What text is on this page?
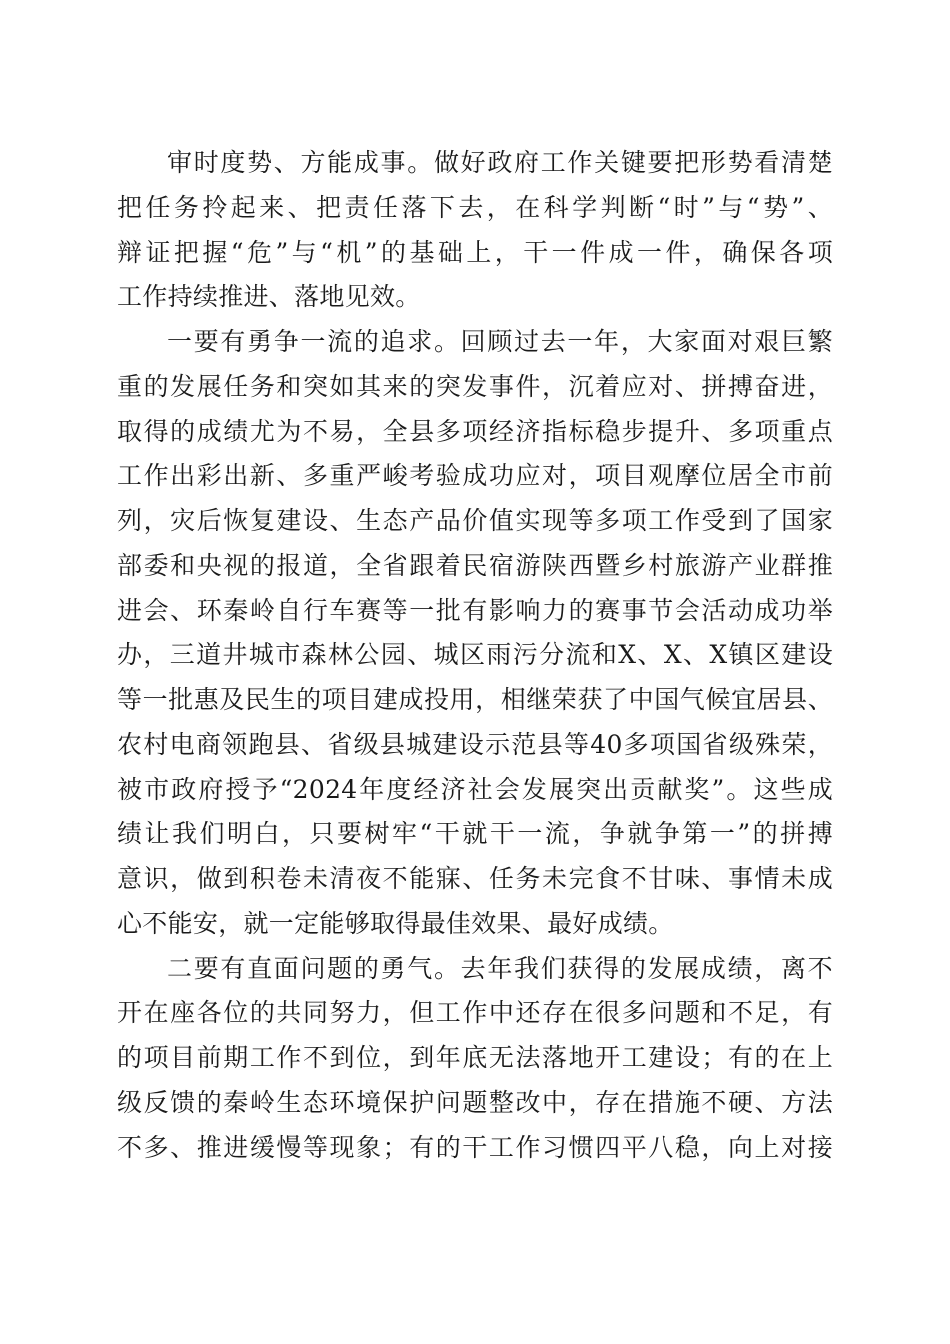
审时度势、方能成事。做好政府工作关键要把形势看清楚
把任务拎起来、把责任落下去，在科学判断“时”与“势”、
辩证把握“危”与“机”的基础上，干一件成一件，确保各项
工作持续推进、落地见效。
一要有勇争一流的追求。回顾过去一年，大家面对艰巨繁
重的发展任务和突如其来的突发事件，沉着应对、拼搏奋进，
取得的成绩尤为不易，全县多项经济指标稳步提升、多项重点
工作出彩出新、多重严峻考验成功应对，项目观摩位居全市前
列，灾后恢复建设、生态产品价值实现等多项工作受到了国家
部委和央视的报道，全省跟着民宿游陕西暨乡村旅游产业群推
进会、环秦岭自行车赛等一批有影响力的赛事节会活动成功举
办，三道井城市森林公园、城区雨污分流和X、X、X镇区建设
等一批惠及民生的项目建成投用，相继荣获了中国气候宜居县、
农村电商领跑县、省级县城建设示范县等40多项国省级殊荣，
被市政府授予“2024年度经济社会发展突出贡献奖”。这些成
绩让我们明白，只要树牢“干就干一流，争就争第一”的拼搏
意识，做到积卷未清夜不能寐、任务未完食不甘味、事情未成
心不能安，就一定能够取得最佳效果、最好成绩。
二要有直面问题的勇气。去年我们获得的发展成绩，离不
开在座各位的共同努力，但工作中还存在很多问题和不足，有
的项目前期工作不到位，到年底无法落地开工建设；有的在上
级反馈的秦岭生态环境保护问题整改中，存在措施不硬、方法
不多、推进缓慢等现象；有的干工作习惯四平八稳，向上对接
